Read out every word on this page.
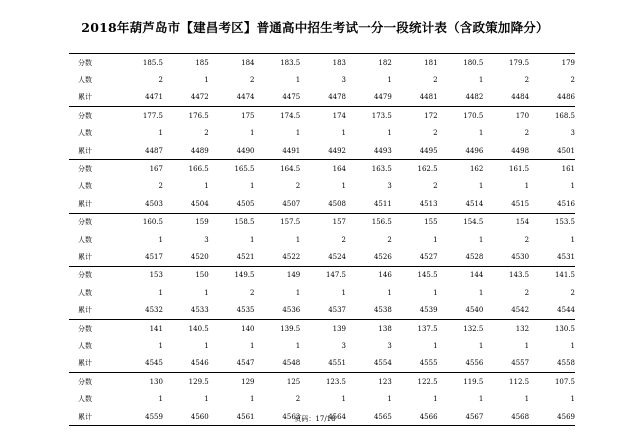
2018年葫芦岛市【建昌考区】普通高中招生考试一分一段统计表（含政策加降分）
分数	185.5	185	184	183.5	183	182	181	180.5	179.5	179
人数	2	1	2	1	3	1	2	1	2	2
累计	4471	4472	4474	4475	4478	4479	4481	4482	4484	4486
分数	177.5	176.5	175	174.5	174	173.5	172	170.5	170	168.5
人数	1	2	1	1	1	1	2	1	2	3
累计	4487	4489	4490	4491	4492	4493	4495	4496	4498	4501
分数	167	166.5	165.5	164.5	164	163.5	162.5	162	161.5	161
人数	2	1	1	2	1	3	2	1	1	1
累计	4503	4504	4505	4507	4508	4511	4513	4514	4515	4516
分数	160.5	159	158.5	157.5	157	156.5	155	154.5	154	153.5
人数	1	3	1	1	2	2	1	1	2	1
累计	4517	4520	4521	4522	4524	4526	4527	4528	4530	4531
分数	153	150	149.5	149	147.5	146	145.5	144	143.5	141.5
人数	1	1	2	1	1	1	1	1	2	2
累计	4532	4533	4535	4536	4537	4538	4539	4540	4542	4544
分数	141	140.5	140	139.5	139	138	137.5	132.5	132	130.5
人数	1	1	1	1	3	3	1	1	1	1
累计	4545	4546	4547	4548	4551	4554	4555	4556	4557	4558
分数	130	129.5	129	125	123.5	123	122.5	119.5	112.5	107.5
人数	1	1	1	2	1	1	1	1	1	1
累计	4559	4560	4561	4563	4564	4565	4566	4567	4568	4569
页码：17/18
